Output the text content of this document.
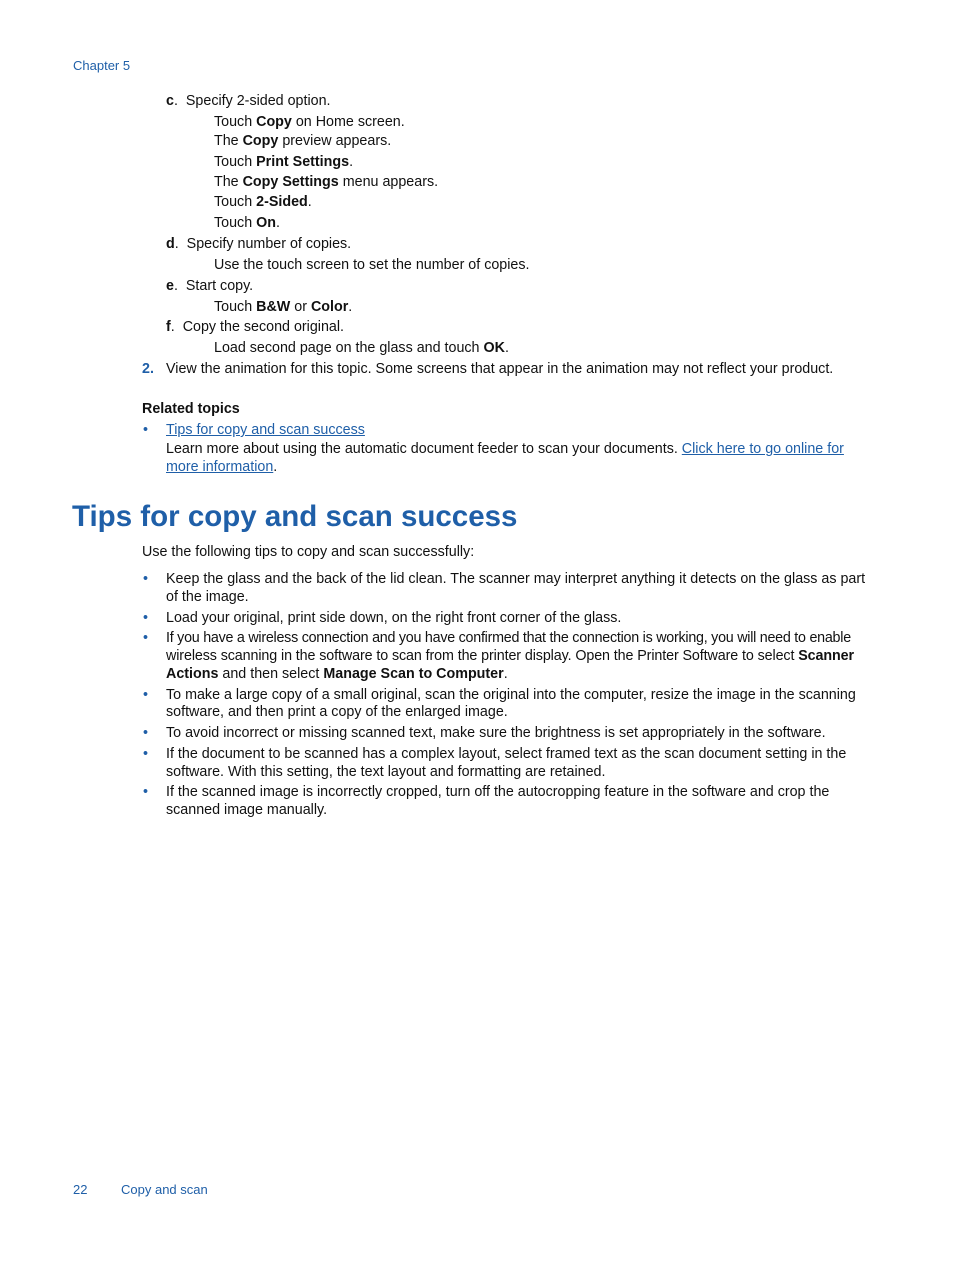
Chapter 5
c.  Specify 2-sided option.
Touch Copy on Home screen.
The Copy preview appears.
Touch Print Settings.
The Copy Settings menu appears.
Touch 2-Sided.
Touch On.
d.  Specify number of copies.
Use the touch screen to set the number of copies.
e.  Start copy.
Touch B&W or Color.
f.  Copy the second original.
Load second page on the glass and touch OK.
2. View the animation for this topic. Some screens that appear in the animation may not reflect your product.
Related topics
• Tips for copy and scan success
Learn more about using the automatic document feeder to scan your documents. Click here to go online for
more information.
Tips for copy and scan success
Use the following tips to copy and scan successfully:
• Keep the glass and the back of the lid clean. The scanner may interpret anything it detects on the glass as part
of the image.
• Load your original, print side down, on the right front corner of the glass.
• If you have a wireless connection and you have confirmed that the connection is working, you will need to enable
wireless scanning in the software to scan from the printer display. Open the Printer Software to select Scanner
Actions and then select Manage Scan to Computer.
• To make a large copy of a small original, scan the original into the computer, resize the image in the scanning
software, and then print a copy of the enlarged image.
• To avoid incorrect or missing scanned text, make sure the brightness is set appropriately in the software.
• If the document to be scanned has a complex layout, select framed text as the scan document setting in the
software. With this setting, the text layout and formatting are retained.
• If the scanned image is incorrectly cropped, turn off the autocropping feature in the software and crop the
scanned image manually.
22	Copy and scan
